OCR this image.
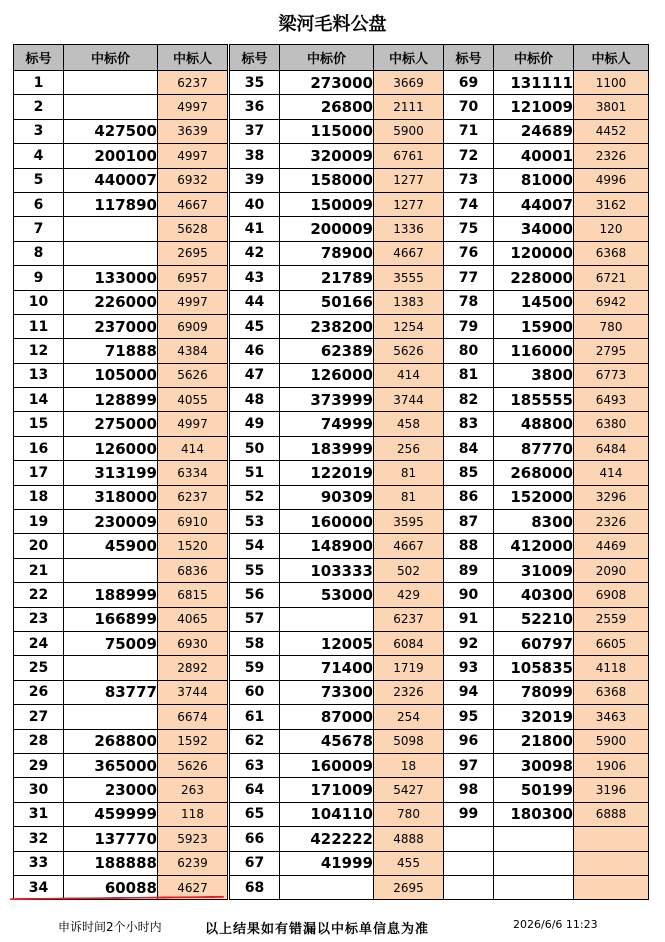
梁河毛料公盘
标号	中标价	中标人
1		6237
2		4997
3	427500	3639
4	200100	4997
5	440007	6932
6	117890	4667
7		5628
8		2695
9	133000	6957
10	226000	4997
11	237000	6909
12	71888	4384
13	105000	5626
14	128899	4055
15	275000	4997
16	126000	414
17	313199	6334
18	318000	6237
19	230009	6910
20	45900	1520
21		6836
22	188999	6815
23	166899	4065
24	75009	6930
25		2892
26	83777	3744
27		6674
28	268800	1592
29	365000	5626
30	23000	263
31	459999	118
32	137770	5923
33	188888	6239
34	60088	4627
标号	中标价	中标人
35	273000	3669
36	26800	2111
37	115000	5900
38	320009	6761
39	158000	1277
40	150009	1277
41	200009	1336
42	78900	4667
43	21789	3555
44	50166	1383
45	238200	1254
46	62389	5626
47	126000	414
48	373999	3744
49	74999	458
50	183999	256
51	122019	81
52	90309	81
53	160000	3595
54	148900	4667
55	103333	502
56	53000	429
57		6237
58	12005	6084
59	71400	1719
60	73300	2326
61	87000	254
62	45678	5098
63	160009	18
64	171009	5427
65	104110	780
66	422222	4888
67	41999	455
68		2695
标号	中标价	中标人
69	131111	1100
70	121009	3801
71	24689	4452
72	40001	2326
73	81000	4996
74	44007	3162
75	34000	120
76	120000	6368
77	228000	6721
78	14500	6942
79	15900	780
80	116000	2795
81	3800	6773
82	185555	6493
83	48800	6380
84	87770	6484
85	268000	414
86	152000	3296
87	8300	2326
88	412000	4469
89	31009	2090
90	40300	6908
91	52210	2559
92	60797	6605
93	105835	4118
94	78099	6368
95	32019	3463
96	21800	5900
97	30098	1906
98	50199	3196
99	180300	6888

申诉时间2个小时内	以上结果如有错漏以中标单信息为准	2026/6/6 11:23
